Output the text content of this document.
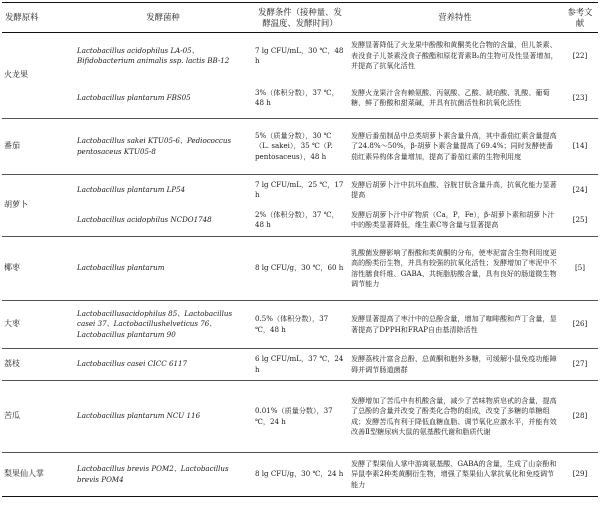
发酵原料	发酵菌种	发酵条件（接种量、发酵温度、发酵时间）	营养特性	参考文献
火龙果	Lactobacillus acidophilus LA-05、Bifidobacterium animalis ssp. lactis BB-12	7 lg CFU/mL，30 ℃，48 h	发酵显著降低了火龙果中酚酸和黄酮类化合物的含量，但儿茶素、表没食子儿茶素没食子酸酯和原花青素B₂的生物可及性显著增加，并提高了抗氧化活性	[22]
	Lactobacillus plantarum FBS05	3%（体积分数），37 ℃，48 h	发酵火龙果汁含有赖氨酸、丙氨酸、乙酸、琥珀酸、乳酸、葡萄糖，鲜了酚酸和甜菜碱，并具有抗菌活性和抗氧化活性	[23]
番茄	Lactobacillus sakei KTU05-6、Pediococcus pentosaceus KTU05-8	5%（质量分数），30 ℃（L. sakei），35 ℃（P. pentosaceus），48 h	发酵后番茄制品中总类胡萝卜素含量升高，其中番茄红素含量提高了24.8%～50%，β-胡萝卜素含量提高了69.4%；同时发酵使番茄红素异构体含量增加，提高了番茄红素的生物利用度	[14]
胡萝卜	Lactobacillus plantarum LP54	7 lg CFU/mL，25 ℃，17 h	发酵后胡萝卜汁中抗坏血酸、谷胱甘肽含量升高，抗氧化能力显著提高	[24]
	Lactobacillus acidophilus NCDO1748	2%（体积分数），37 ℃，48 h	发酵后胡萝卜汁中矿物质（Ca，P，Fe），β-胡萝卜素和胡萝卜汁中的酚类显著降低，维生素C等含量与显著提高	[25]
椰枣	Lactobacillus plantarum	8 lg CFU/g，30 ℃，60 h	乳酸菌发酵影响了酚酸和类黄酮的分布，使枣泥富含生物利用度更高的酚类衍生物，并具有较强的抗氧化活性；发酵增加了枣泥中不溶性膳食纤维、GABA、共轭脂肪酸含量，具有良好的肠道微生物调节能力	[5]
大枣	Lactobacillusacidophilus 85、Lactobacillus casei 37、Lactobacillushelveticus 76、Lactobacillus plantarum 90	0.5%（体积分数），37 ℃，48 h	发酵显著提高了枣汁中的总酚含量，增加了咖啡酸和芦丁含量，显著提高了DPPH和FRAP自由基清除活性	[26]
荔枝	Lactobacillus casei CICC 6117	6 lg CFU/mL，37 ℃，24 h	发酵荔枝汁富含总酚、总黄酮和胞外多糖，可缓解小鼠免疫功能障碍并调节肠道菌群	[27]
苦瓜	Lactobacillus plantarum NCU 116	0.01%（质量分数），37 ℃，24 h	发酵增加了苦瓜中有机酸含量，减少了苦味物质皂甙的含量，提高了总酚的含量并改变了酚类化合物的组成，改变了多糖的单糖组成；发酵苦瓜有利于降低血糖血脂、调节氧化应激水平，并能有效改善Ⅱ型糖尿病大鼠的氨基酸代谢和脂质代谢	[28]
梨果仙人掌	Lactobacillus brevis POM2、Lactobacillus brevis POM4	8 lg CFU/g，30 ℃，24 h	发酵了梨果仙人掌中游离氨基酸、GABA的含量，生成了山奈酚和异鼠李素2种类黄酮衍生物，增强了梨果仙人掌抗氧化和免疫调节能力	[29]
